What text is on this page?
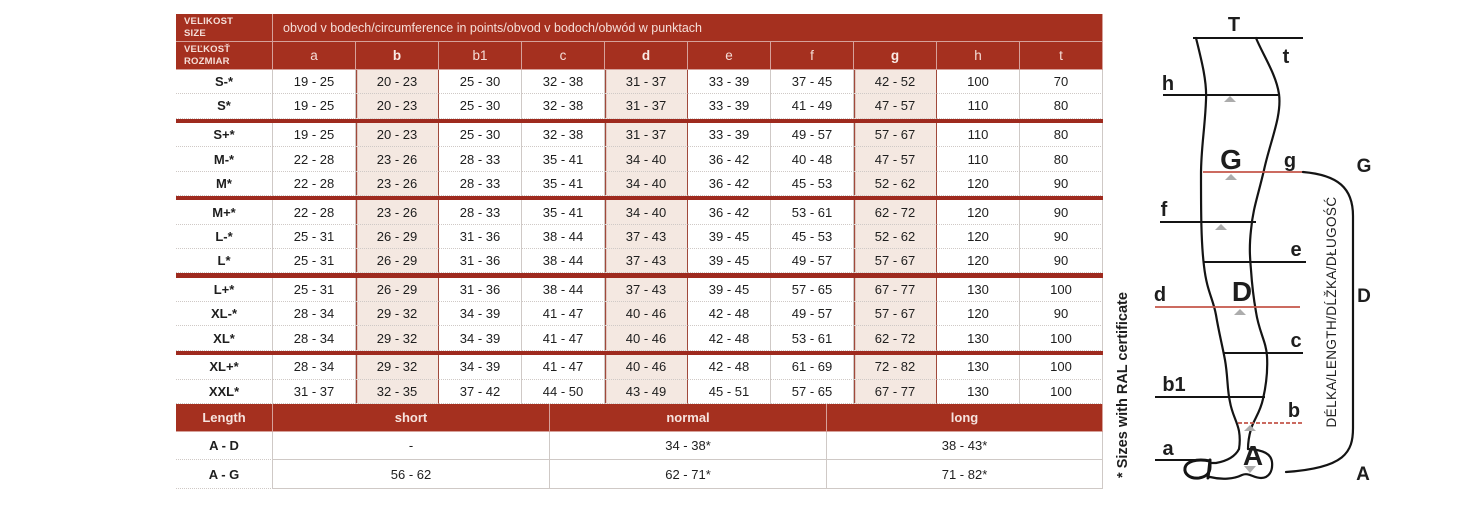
VELIKOST
SIZE	obvod v bodech/circumference in points/obvod v bodoch/obwód w punktach
VEĽKOSŤ
ROZMIAR	a	b	b1	c	d	e	f	g	h	t
S-*	19 - 25	20 - 23	25 - 30	32 - 38	31 - 37	33 - 39	37 - 45	42 - 52	100	70
S*	19 - 25	20 - 23	25 - 30	32 - 38	31 - 37	33 - 39	41 - 49	47 - 57	110	80
S+*	19 - 25	20 - 23	25 - 30	32 - 38	31 - 37	33 - 39	49 - 57	57 - 67	110	80
M-*	22 - 28	23 - 26	28 - 33	35 - 41	34 - 40	36 - 42	40 - 48	47 - 57	110	80
M*	22 - 28	23 - 26	28 - 33	35 - 41	34 - 40	36 - 42	45 - 53	52 - 62	120	90
M+*	22 - 28	23 - 26	28 - 33	35 - 41	34 - 40	36 - 42	53 - 61	62 - 72	120	90
L-*	25 - 31	26 - 29	31 - 36	38 - 44	37 - 43	39 - 45	45 - 53	52 - 62	120	90
L*	25 - 31	26 - 29	31 - 36	38 - 44	37 - 43	39 - 45	49 - 57	57 - 67	120	90
L+*	25 - 31	26 - 29	31 - 36	38 - 44	37 - 43	39 - 45	57 - 65	67 - 77	130	100
XL-*	28 - 34	29 - 32	34 - 39	41 - 47	40 - 46	42 - 48	49 - 57	57 - 67	120	90
XL*	28 - 34	29 - 32	34 - 39	41 - 47	40 - 46	42 - 48	53 - 61	62 - 72	130	100
XL+*	28 - 34	29 - 32	34 - 39	41 - 47	40 - 46	42 - 48	61 - 69	72 - 82	130	100
XXL*	31 - 37	32 - 35	37 - 42	44 - 50	43 - 49	45 - 51	57 - 65	67 - 77	130	100
Length	short	normal	long
A - D	-	34 - 38*	38 - 43*
A - G	56 - 62	62 - 71*	71 - 82*
T
t
h
G g	G
f
e
d D	D
c
b1
b
a A
A
DÉLKA/LENGTH/DĹŽKA/DŁUGOŚĆ
* Sizes with RAL certificate
